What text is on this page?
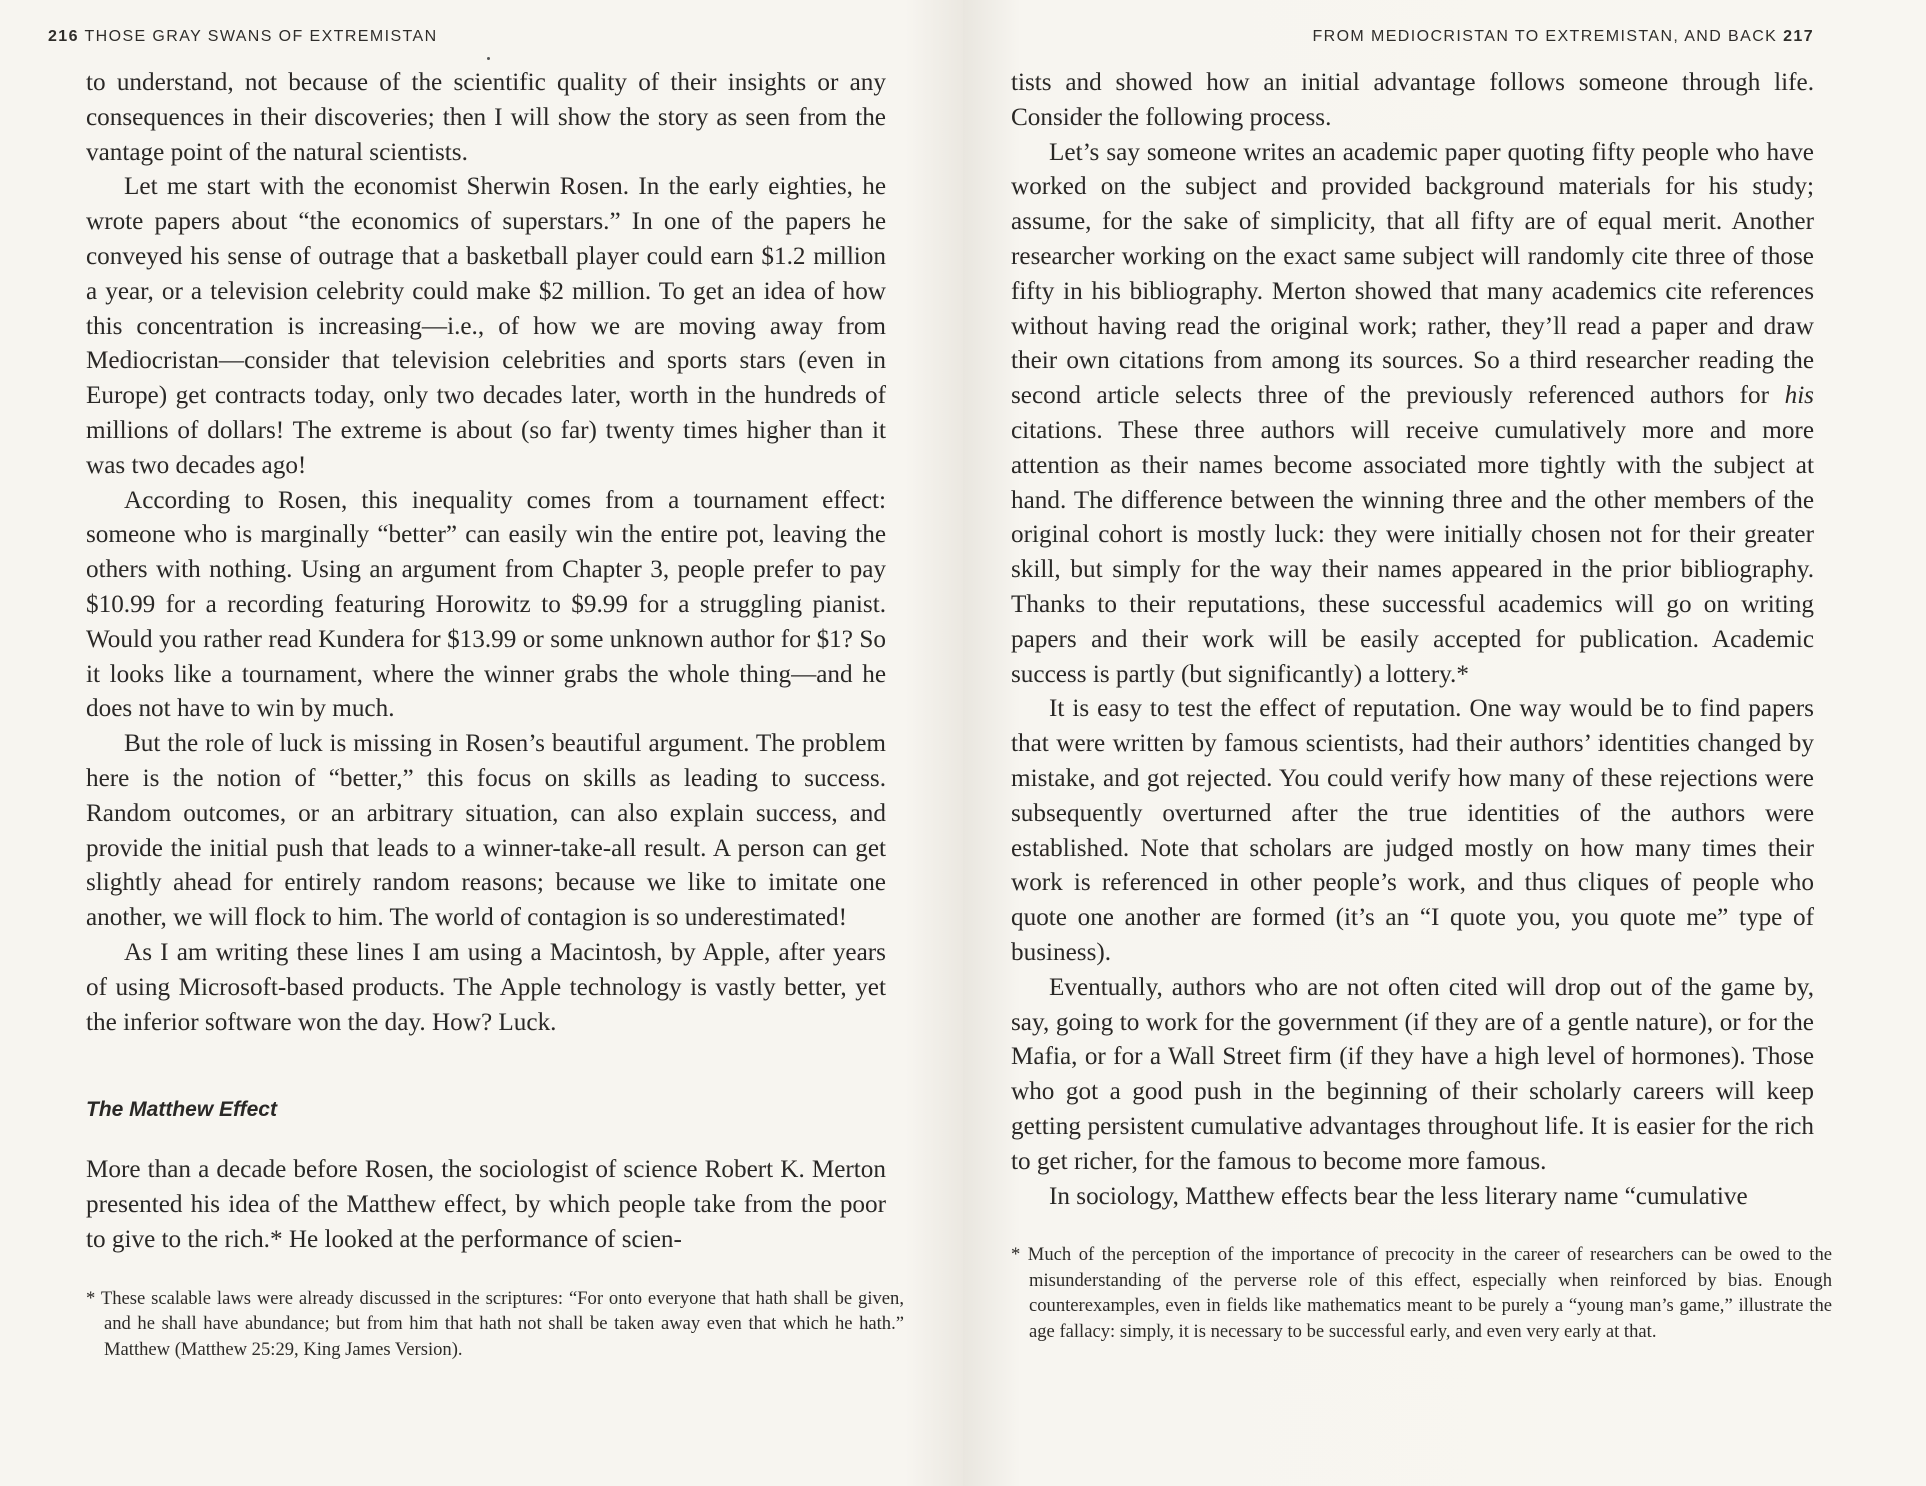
216 THOSE GRAY SWANS OF EXTREMISTAN

to understand, not because of the scientific quality of their insights or any consequences in their discoveries; then I will show the story as seen from the vantage point of the natural scientists.

Let me start with the economist Sherwin Rosen. In the early eighties, he wrote papers about “the economics of superstars.” In one of the papers he conveyed his sense of outrage that a basketball player could earn $1.2 million a year, or a television celebrity could make $2 million. To get an idea of how this concentration is increasing—i.e., of how we are moving away from Mediocristan—consider that television celebrities and sports stars (even in Europe) get contracts today, only two decades later, worth in the hundreds of millions of dollars! The extreme is about (so far) twenty times higher than it was two decades ago!

According to Rosen, this inequality comes from a tournament effect: someone who is marginally “better” can easily win the entire pot, leaving the others with nothing. Using an argument from Chapter 3, people prefer to pay $10.99 for a recording featuring Horowitz to $9.99 for a struggling pianist. Would you rather read Kundera for $13.99 or some unknown author for $1? So it looks like a tournament, where the winner grabs the whole thing—and he does not have to win by much.

But the role of luck is missing in Rosen’s beautiful argument. The problem here is the notion of “better,” this focus on skills as leading to success. Random outcomes, or an arbitrary situation, can also explain success, and provide the initial push that leads to a winner-take-all result. A person can get slightly ahead for entirely random reasons; because we like to imitate one another, we will flock to him. The world of contagion is so underestimated!

As I am writing these lines I am using a Macintosh, by Apple, after years of using Microsoft-based products. The Apple technology is vastly better, yet the inferior software won the day. How? Luck.

The Matthew Effect

More than a decade before Rosen, the sociologist of science Robert K. Merton presented his idea of the Matthew effect, by which people take from the poor to give to the rich.* He looked at the performance of scien-

* These scalable laws were already discussed in the scriptures: “For onto everyone that hath shall be given, and he shall have abundance; but from him that hath not shall be taken away even that which he hath.” Matthew (Matthew 25:29, King James Version).
FROM MEDIOCRISTAN TO EXTREMISTAN, AND BACK 217

tists and showed how an initial advantage follows someone through life. Consider the following process.

Let’s say someone writes an academic paper quoting fifty people who have worked on the subject and provided background materials for his study; assume, for the sake of simplicity, that all fifty are of equal merit. Another researcher working on the exact same subject will randomly cite three of those fifty in his bibliography. Merton showed that many academics cite references without having read the original work; rather, they’ll read a paper and draw their own citations from among its sources. So a third researcher reading the second article selects three of the previously referenced authors for his citations. These three authors will receive cumulatively more and more attention as their names become associated more tightly with the subject at hand. The difference between the winning three and the other members of the original cohort is mostly luck: they were initially chosen not for their greater skill, but simply for the way their names appeared in the prior bibliography. Thanks to their reputations, these successful academics will go on writing papers and their work will be easily accepted for publication. Academic success is partly (but significantly) a lottery.*

It is easy to test the effect of reputation. One way would be to find papers that were written by famous scientists, had their authors’ identities changed by mistake, and got rejected. You could verify how many of these rejections were subsequently overturned after the true identities of the authors were established. Note that scholars are judged mostly on how many times their work is referenced in other people’s work, and thus cliques of people who quote one another are formed (it’s an “I quote you, you quote me” type of business).

Eventually, authors who are not often cited will drop out of the game by, say, going to work for the government (if they are of a gentle nature), or for the Mafia, or for a Wall Street firm (if they have a high level of hormones). Those who got a good push in the beginning of their scholarly careers will keep getting persistent cumulative advantages throughout life. It is easier for the rich to get richer, for the famous to become more famous.

In sociology, Matthew effects bear the less literary name “cumulative

* Much of the perception of the importance of precocity in the career of researchers can be owed to the misunderstanding of the perverse role of this effect, especially when reinforced by bias. Enough counterexamples, even in fields like mathematics meant to be purely a “young man’s game,” illustrate the age fallacy: simply, it is necessary to be successful early, and even very early at that.
